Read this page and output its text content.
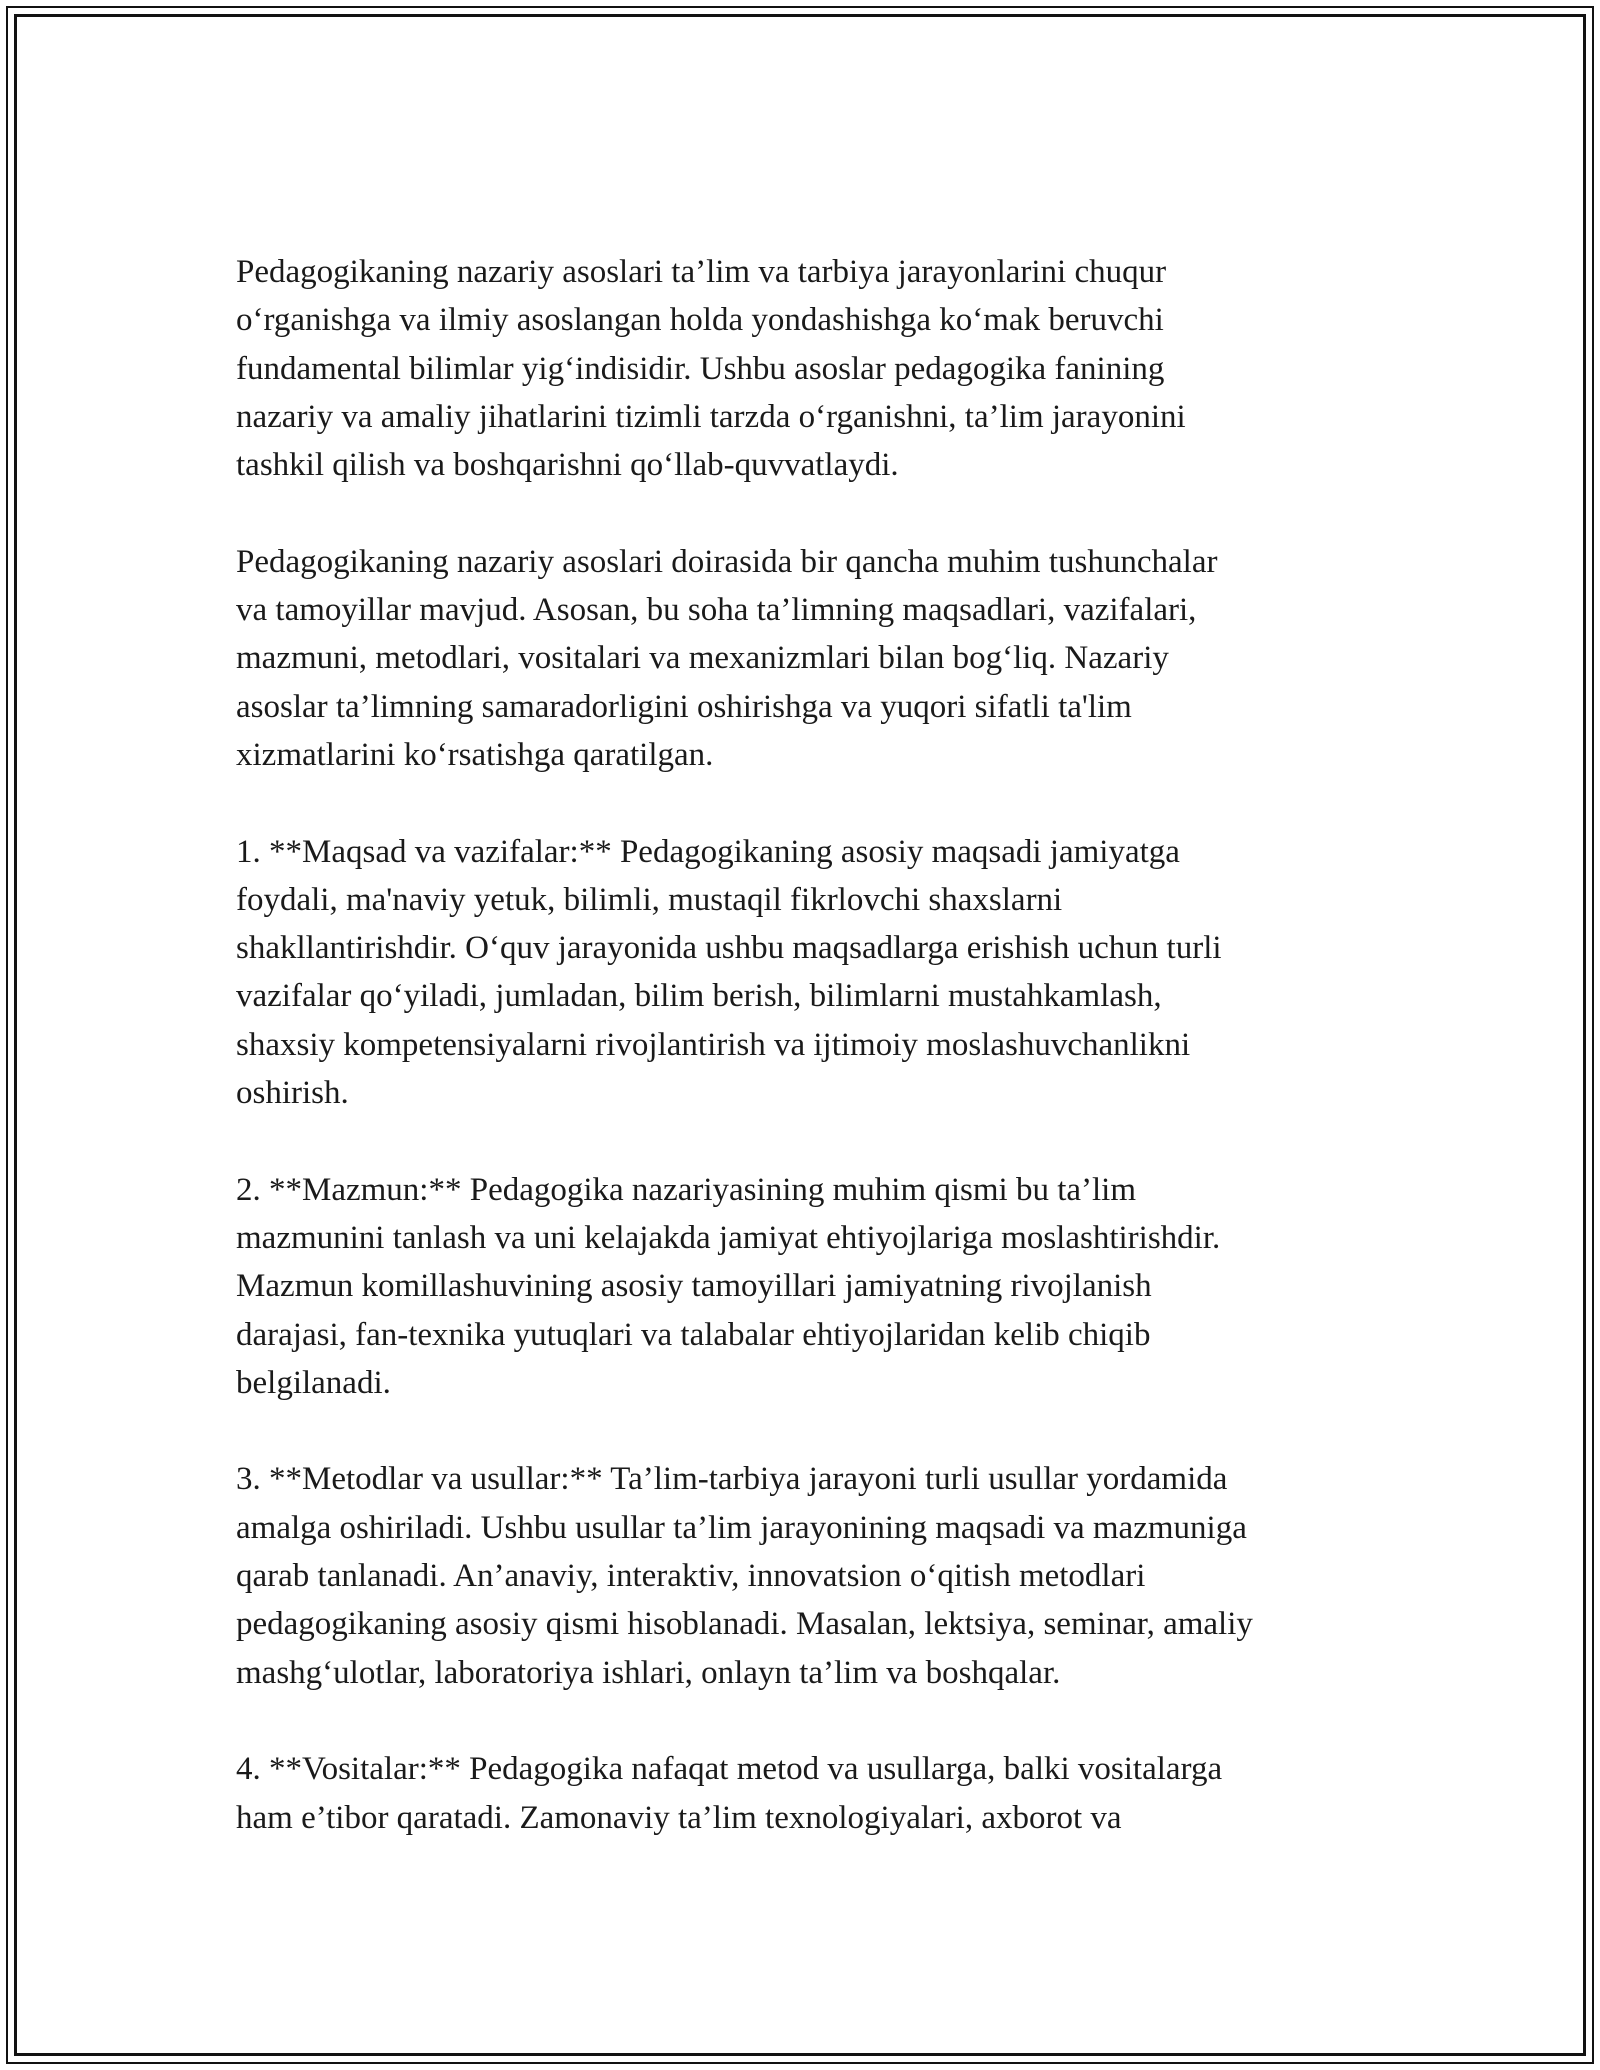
Pedagogikaning nazariy asoslari ta’lim va tarbiya jarayonlarini chuqur
o‘rganishga va ilmiy asoslangan holda yondashishga ko‘mak beruvchi
fundamental bilimlar yig‘indisidir. Ushbu asoslar pedagogika fanining
nazariy va amaliy jihatlarini tizimli tarzda o‘rganishni, ta’lim jarayonini
tashkil qilish va boshqarishni qo‘llab-quvvatlaydi.

Pedagogikaning nazariy asoslari doirasida bir qancha muhim tushunchalar
va tamoyillar mavjud. Asosan, bu soha ta’limning maqsadlari, vazifalari,
mazmuni, metodlari, vositalari va mexanizmlari bilan bog‘liq. Nazariy
asoslar ta’limning samaradorligini oshirishga va yuqori sifatli ta'lim
xizmatlarini ko‘rsatishga qaratilgan.

1. **Maqsad va vazifalar:** Pedagogikaning asosiy maqsadi jamiyatga
foydali, ma'naviy yetuk, bilimli, mustaqil fikrlovchi shaxslarni
shakllantirishdir. O‘quv jarayonida ushbu maqsadlarga erishish uchun turli
vazifalar qo‘yiladi, jumladan, bilim berish, bilimlarni mustahkamlash,
shaxsiy kompetensiyalarni rivojlantirish va ijtimoiy moslashuvchanlikni
oshirish.

2. **Mazmun:** Pedagogika nazariyasining muhim qismi bu ta’lim
mazmunini tanlash va uni kelajakda jamiyat ehtiyojlariga moslashtirishdir.
Mazmun komillashuvining asosiy tamoyillari jamiyatning rivojlanish
darajasi, fan-texnika yutuqlari va talabalar ehtiyojlaridan kelib chiqib
belgilanadi.

3. **Metodlar va usullar:** Ta’lim-tarbiya jarayoni turli usullar yordamida
amalga oshiriladi. Ushbu usullar ta’lim jarayonining maqsadi va mazmuniga
qarab tanlanadi. An’anaviy, interaktiv, innovatsion o‘qitish metodlari
pedagogikaning asosiy qismi hisoblanadi. Masalan, lektsiya, seminar, amaliy
mashg‘ulotlar, laboratoriya ishlari, onlayn ta’lim va boshqalar.

4. **Vositalar:** Pedagogika nafaqat metod va usullarga, balki vositalarga
ham e’tibor qaratadi. Zamonaviy ta’lim texnologiyalari, axborot va
